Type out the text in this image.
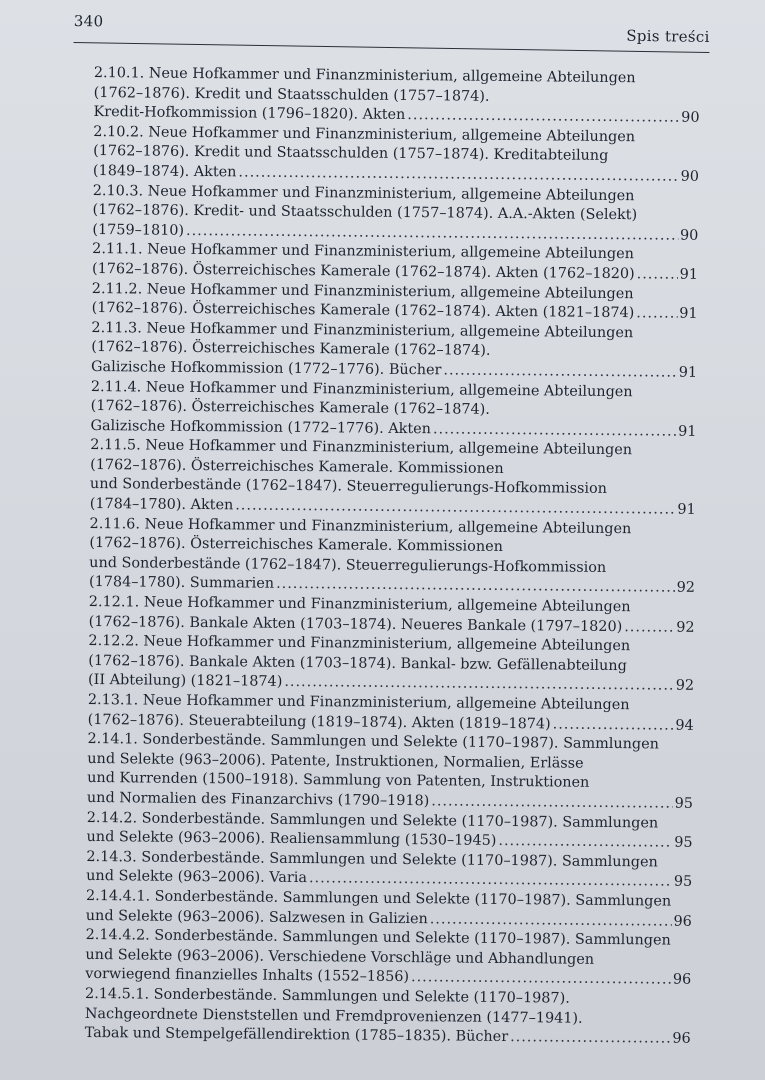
340
Spis treści
2.10.1. Neue Hofkammer und Finanzministerium, allgemeine Abteilungen
(1762–1876). Kredit und Staatsschulden (1757–1874).
Kredit-Hofkommission (1796–1820). Akten .....	90
2.10.2. Neue Hofkammer und Finanzministerium, allgemeine Abteilungen
(1762–1876). Kredit und Staatsschulden (1757–1874). Kreditabteilung
(1849–1874). Akten .....	90
2.10.3. Neue Hofkammer und Finanzministerium, allgemeine Abteilungen
(1762–1876). Kredit- und Staatsschulden (1757–1874). A.A.-Akten (Selekt)
(1759–1810) .....	90
2.11.1. Neue Hofkammer und Finanzministerium, allgemeine Abteilungen
(1762–1876). Österreichisches Kamerale (1762–1874). Akten (1762–1820) .....	91
2.11.2. Neue Hofkammer und Finanzministerium, allgemeine Abteilungen
(1762–1876). Österreichisches Kamerale (1762–1874). Akten (1821–1874) .....	91
2.11.3. Neue Hofkammer und Finanzministerium, allgemeine Abteilungen
(1762–1876). Österreichisches Kamerale (1762–1874).
Galizische Hofkommission (1772–1776). Bücher .....	91
2.11.4. Neue Hofkammer und Finanzministerium, allgemeine Abteilungen
(1762–1876). Österreichisches Kamerale (1762–1874).
Galizische Hofkommission (1772–1776). Akten .....	91
2.11.5. Neue Hofkammer und Finanzministerium, allgemeine Abteilungen
(1762–1876). Österreichisches Kamerale. Kommissionen
und Sonderbestände (1762–1847). Steuerregulierungs-Hofkommission
(1784–1780). Akten .....	91
2.11.6. Neue Hofkammer und Finanzministerium, allgemeine Abteilungen
(1762–1876). Österreichisches Kamerale. Kommissionen
und Sonderbestände (1762–1847). Steuerregulierungs-Hofkommission
(1784–1780). Summarien .....	92
2.12.1. Neue Hofkammer und Finanzministerium, allgemeine Abteilungen
(1762–1876). Bankale Akten (1703–1874). Neueres Bankale (1797–1820) .....	92
2.12.2. Neue Hofkammer und Finanzministerium, allgemeine Abteilungen
(1762–1876). Bankale Akten (1703–1874). Bankal- bzw. Gefällenabteilung
(II Abteilung) (1821–1874) .....	92
2.13.1. Neue Hofkammer und Finanzministerium, allgemeine Abteilungen
(1762–1876). Steuerabteilung (1819–1874). Akten (1819–1874) .....	94
2.14.1. Sonderbestände. Sammlungen und Selekte (1170–1987). Sammlungen
und Selekte (963–2006). Patente, Instruktionen, Normalien, Erlässe
und Kurrenden (1500–1918). Sammlung von Patenten, Instruktionen
und Normalien des Finanzarchivs (1790–1918) .....	95
2.14.2. Sonderbestände. Sammlungen und Selekte (1170–1987). Sammlungen
und Selekte (963–2006). Realiensammlung (1530–1945) .....	95
2.14.3. Sonderbestände. Sammlungen und Selekte (1170–1987). Sammlungen
und Selekte (963–2006). Varia .....	95
2.14.4.1. Sonderbestände. Sammlungen und Selekte (1170–1987). Sammlungen
und Selekte (963–2006). Salzwesen in Galizien .....	96
2.14.4.2. Sonderbestände. Sammlungen und Selekte (1170–1987). Sammlungen
und Selekte (963–2006). Verschiedene Vorschläge und Abhandlungen
vorwiegend finanzielles Inhalts (1552–1856) .....	96
2.14.5.1. Sonderbestände. Sammlungen und Selekte (1170–1987).
Nachgeordnete Dienststellen und Fremdprovenienzen (1477–1941).
Tabak und Stempelgefällendirektion (1785–1835). Bücher .....	96
